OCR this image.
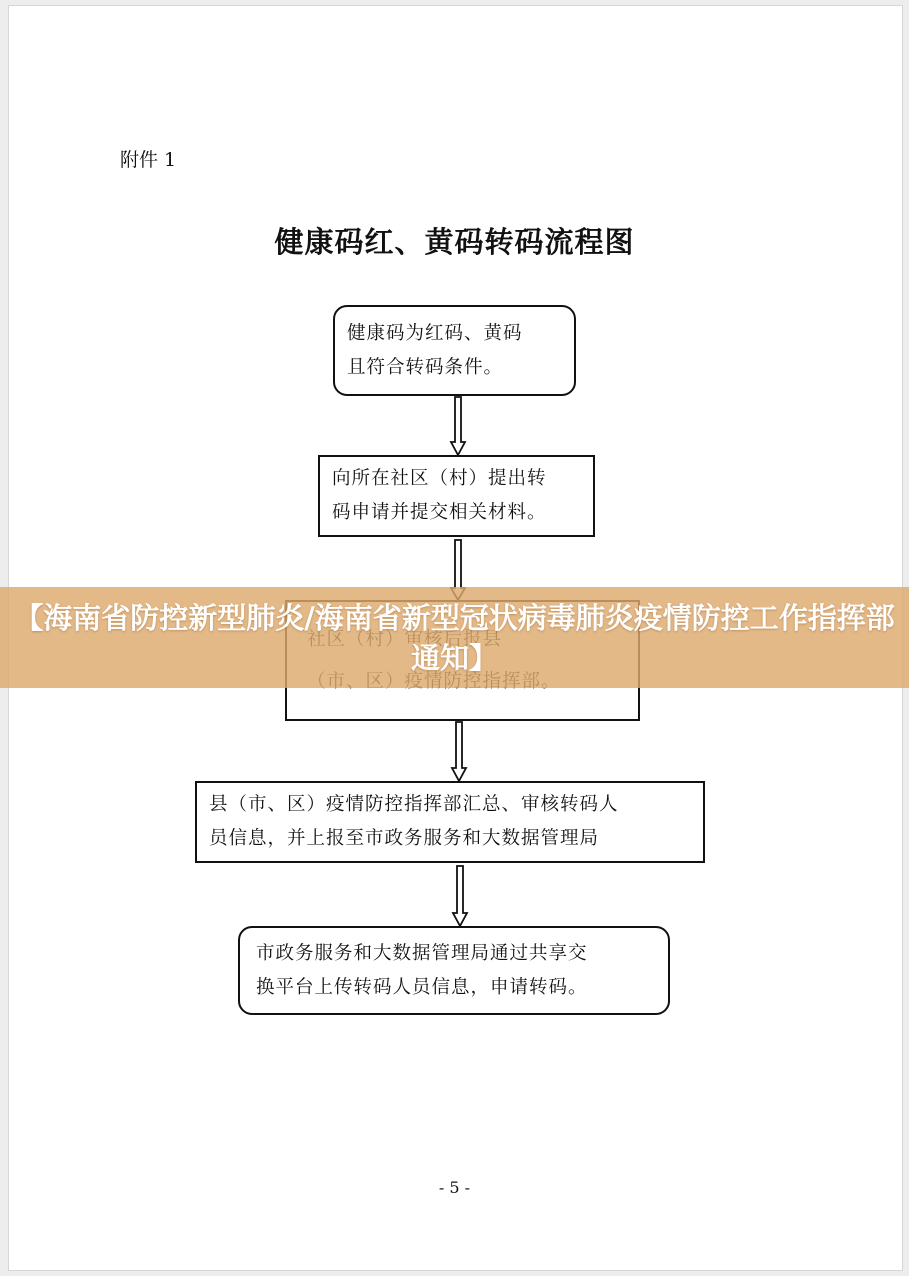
附件 1
健康码红、黄码转码流程图
健康码为红码、黄码
且符合转码条件。
向所在社区（村）提出转
码申请并提交相关材料。
县（市、区）疫情防控指挥部汇总、审核转码人
员信息，并上报至市政务服务和大数据管理局
市政务服务和大数据管理局通过共享交
换平台上传转码人员信息，申请转码。
【海南省防控新型肺炎/海南省新型冠状病毒肺炎疫情防控工作指挥部通知】
- 5 -
